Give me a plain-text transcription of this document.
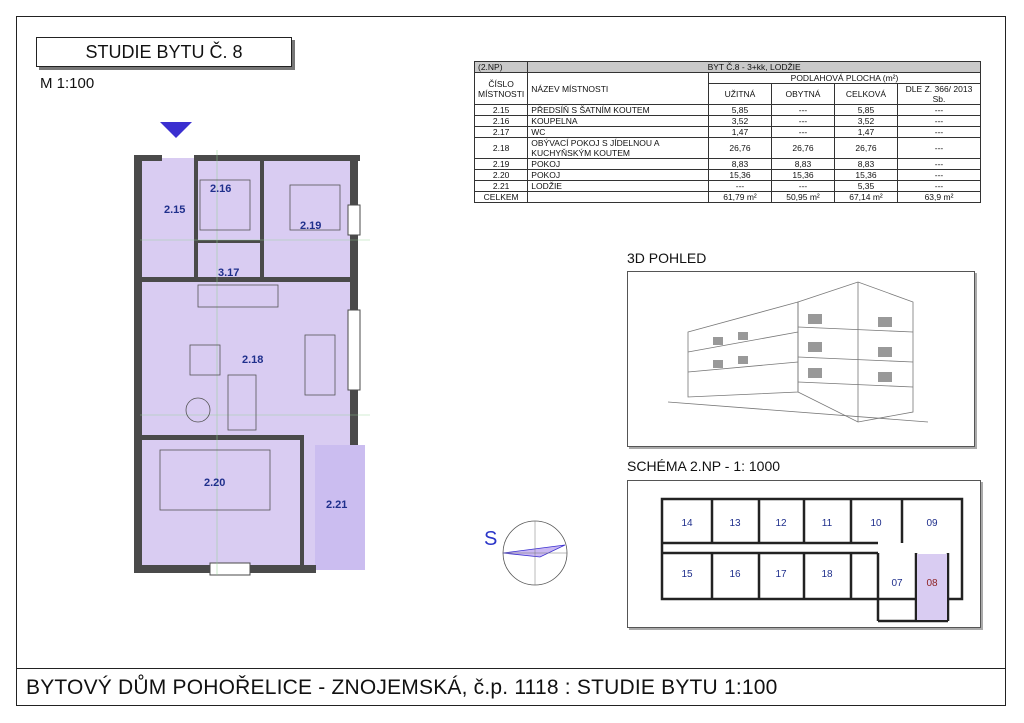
STUDIE BYTU Č. 8
M 1:100
2.15
2.16
2.19
3.17
2.18
2.20
2.21
(2.NP)	BYT Č.8 - 3+kk, LODŽIE				
ČÍSLO MÍSTNOSTI	NÁZEV MÍSTNOSTI	PODLAHOVÁ PLOCHA (m²)			
		UŽITNÁ	OBYTNÁ	CELKOVÁ	DLE Z. 366/ 2013 Sb.
2.15	PŘEDSÍŇ S ŠATNÍM KOUTEM	5,85	---	5,85	---
2.16	KOUPELNA	3,52	---	3,52	---
2.17	WC	1,47	---	1,47	---
2.18	OBÝVACÍ POKOJ S JÍDELNOU A KUCHYŇSKÝM KOUTEM	26,76	26,76	26,76	---
2.19	POKOJ	8,83	8,83	8,83	---
2.20	POKOJ	15,36	15,36	15,36	---
2.21	LODŽIE	---	---	5,35	---
CELKEM		61,79 m²	50,95 m²	67,14 m²	63,9 m²
3D POHLED
SCHÉMA 2.NP - 1: 1000
14	13	12	11	10	09
15	16	17	18
07 08
S
BYTOVÝ DŮM POHOŘELICE - ZNOJEMSKÁ, č.p. 1118 : STUDIE BYTU 1:100
